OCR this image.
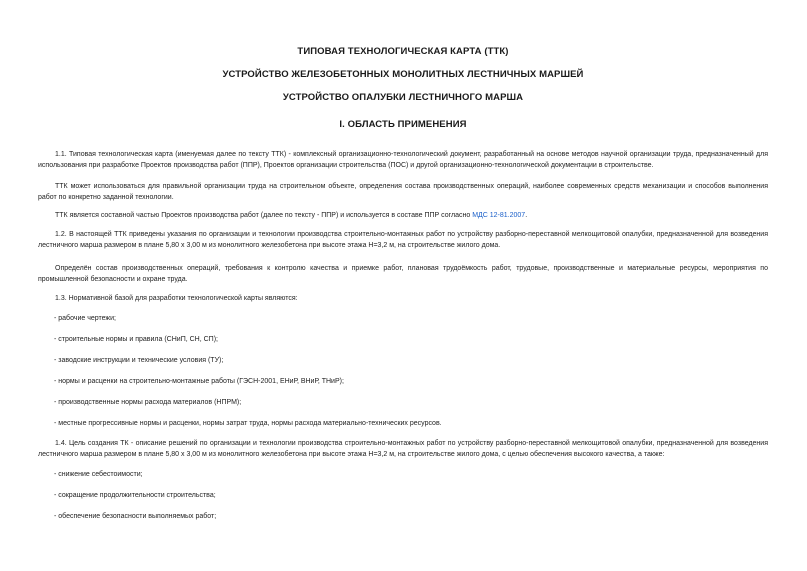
ТИПОВАЯ ТЕХНОЛОГИЧЕСКАЯ КАРТА (ТТК)
УСТРОЙСТВО ЖЕЛЕЗОБЕТОННЫХ МОНОЛИТНЫХ ЛЕСТНИЧНЫХ МАРШЕЙ
УСТРОЙСТВО ОПАЛУБКИ ЛЕСТНИЧНОГО МАРША
I. ОБЛАСТЬ ПРИМЕНЕНИЯ

1.1. Типовая технологическая карта (именуемая далее по тексту ТТК) - комплексный организационно-технологический документ, разработанный на основе методов научной организации труда, предназначенный для использования при разработке Проектов производства работ (ППР), Проектов организации строительства (ПОС) и другой организационно-технологической документации в строительстве.

ТТК может использоваться для правильной организации труда на строительном объекте, определения состава производственных операций, наиболее современных средств механизации и способов выполнения работ по конкретно заданной технологии.

ТТК является составной частью Проектов производства работ (далее по тексту - ППР) и используется в составе ППР согласно МДС 12-81.2007.

1.2. В настоящей ТТК приведены указания по организации и технологии производства строительно-монтажных работ по устройству разборно-переставной мелкощитовой опалубки, предназначенной для возведения лестничного марша размером в плане 5,80 х 3,00 м из монолитного железобетона при высоте этажа Н=3,2 м, на строительстве жилого дома.

Определён состав производственных операций, требования к контролю качества и приемке работ, плановая трудоёмкость работ, трудовые, производственные и материальные ресурсы, мероприятия по промышленной безопасности и охране труда.

1.3. Нормативной базой для разработки технологической карты являются:

- рабочие чертежи;

- строительные нормы и правила (СНиП, СН, СП);

- заводские инструкции и технические условия (ТУ);

- нормы и расценки на строительно-монтажные работы (ГЭСН-2001, ЕНиР, ВНиР, ТНиР);

- производственные нормы расхода материалов (НПРМ);

- местные прогрессивные нормы и расценки, нормы затрат труда, нормы расхода материально-технических ресурсов.

1.4. Цель создания ТК - описание решений по организации и технологии производства строительно-монтажных работ по устройству разборно-переставной мелкощитовой опалубки, предназначенной для возведения лестничного марша размером в плане 5,80 х 3,00 м из монолитного железобетона при высоте этажа Н=3,2 м, на строительстве жилого дома, с целью обеспечения высокого качества, а также:

- снижение себестоимости;

- сокращение продолжительности строительства;

- обеспечение безопасности выполняемых работ;
